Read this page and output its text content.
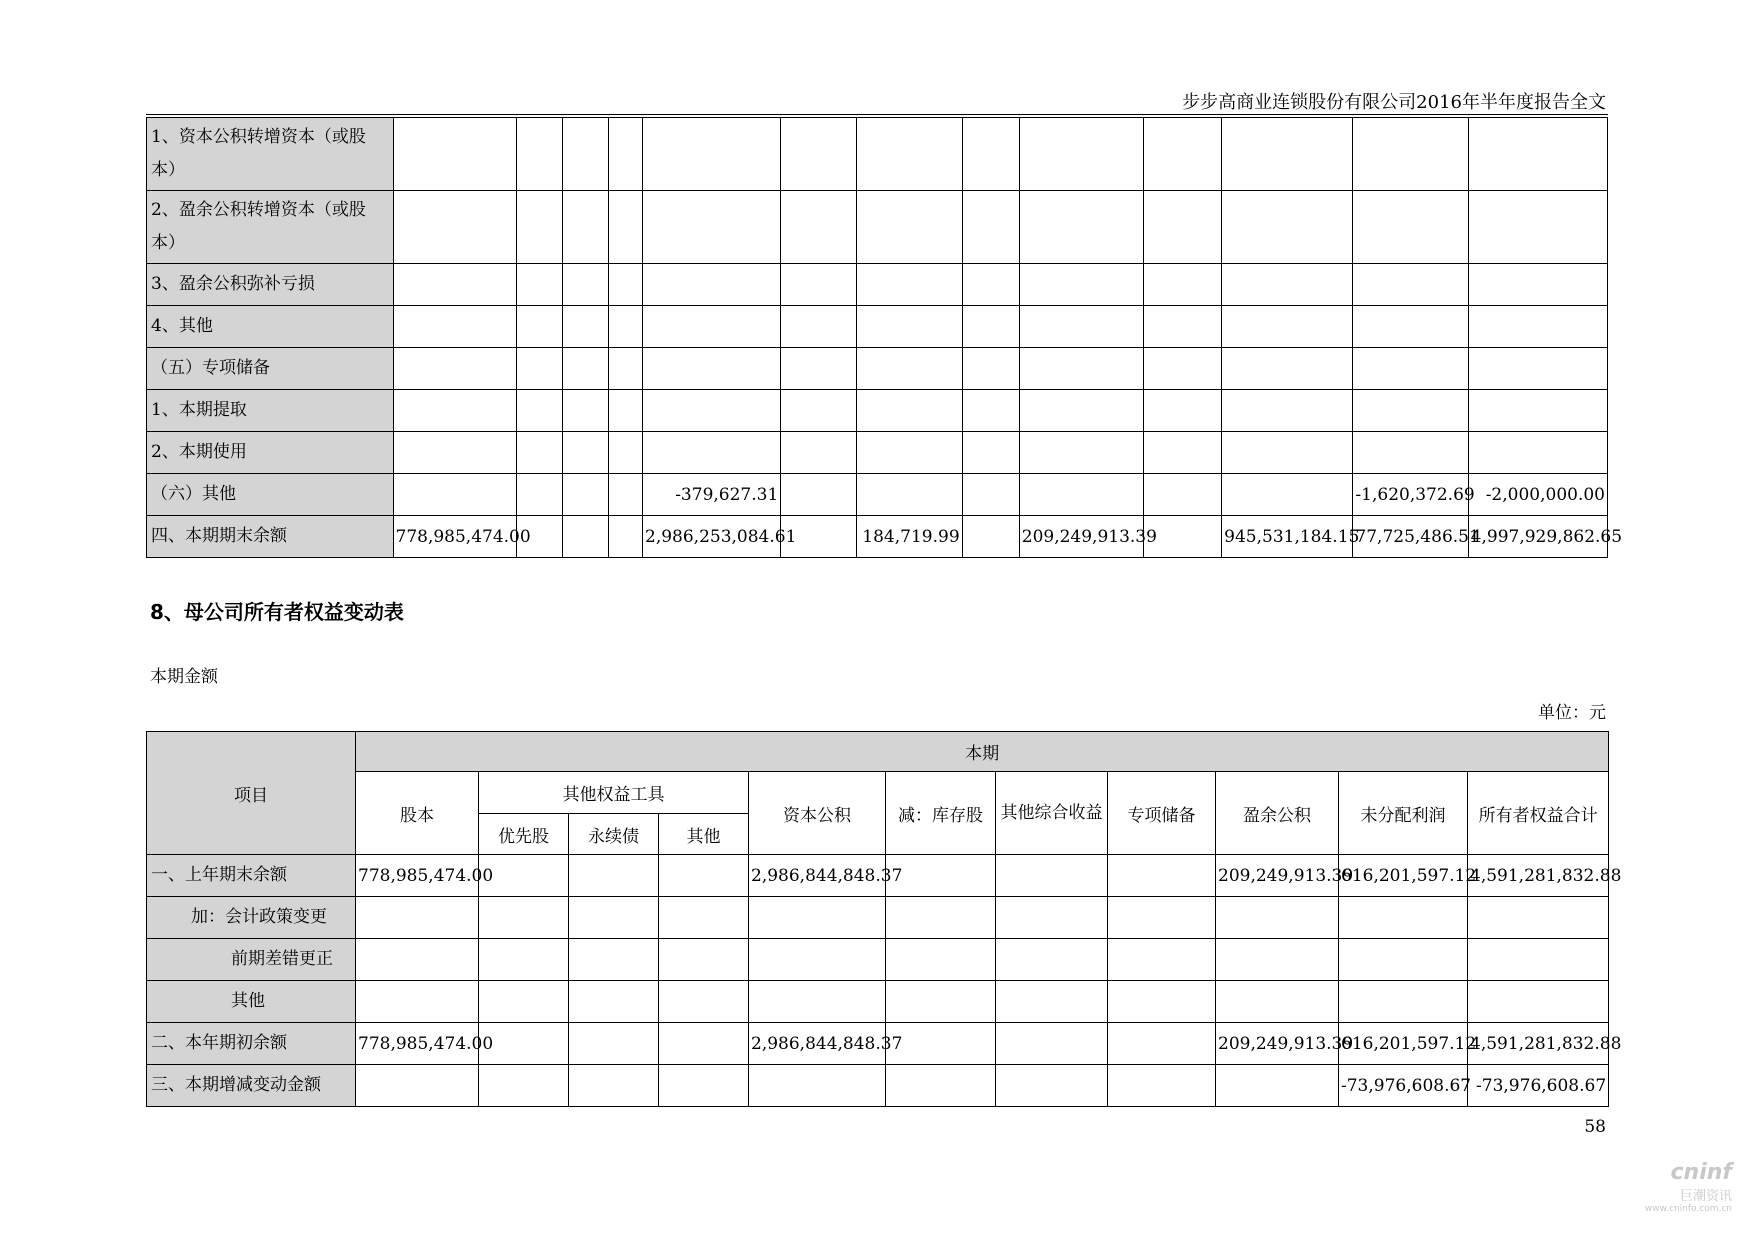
步步高商业连锁股份有限公司2016年半年度报告全文
1、资本公积转增资本（或股本）													
2、盈余公积转增资本（或股本）													
3、盈余公积弥补亏损													
4、其他													
（五）专项储备													
1、本期提取													
2、本期使用													
（六）其他					-379,627.31							-1,620,372.69	-2,000,000.00
四、本期期末余额	778,985,474.00				2,986,253,084.61		184,719.99		209,249,913.39		945,531,184.15	77,725,486.51	4,997,929,862.65
8、母公司所有者权益变动表
本期金额
单位：元
项目	本期										
	股本	其他权益工具			资本公积	减：库存股	其他综合收益	专项储备	盈余公积	未分配利润	所有者权益合计
		优先股	永续债	其他							
一、上年期末余额	778,985,474.00				2,986,844,848.37				209,249,913.39	616,201,597.12	4,591,281,832.88
加：会计政策变更											
前期差错更正											
其他											
二、本年期初余额	778,985,474.00				2,986,844,848.37				209,249,913.39	616,201,597.12	4,591,281,832.88
三、本期增减变动金额										-73,976,608.67	-73,976,608.67
58
cninf
巨潮资讯
www.cninfo.com.cn
